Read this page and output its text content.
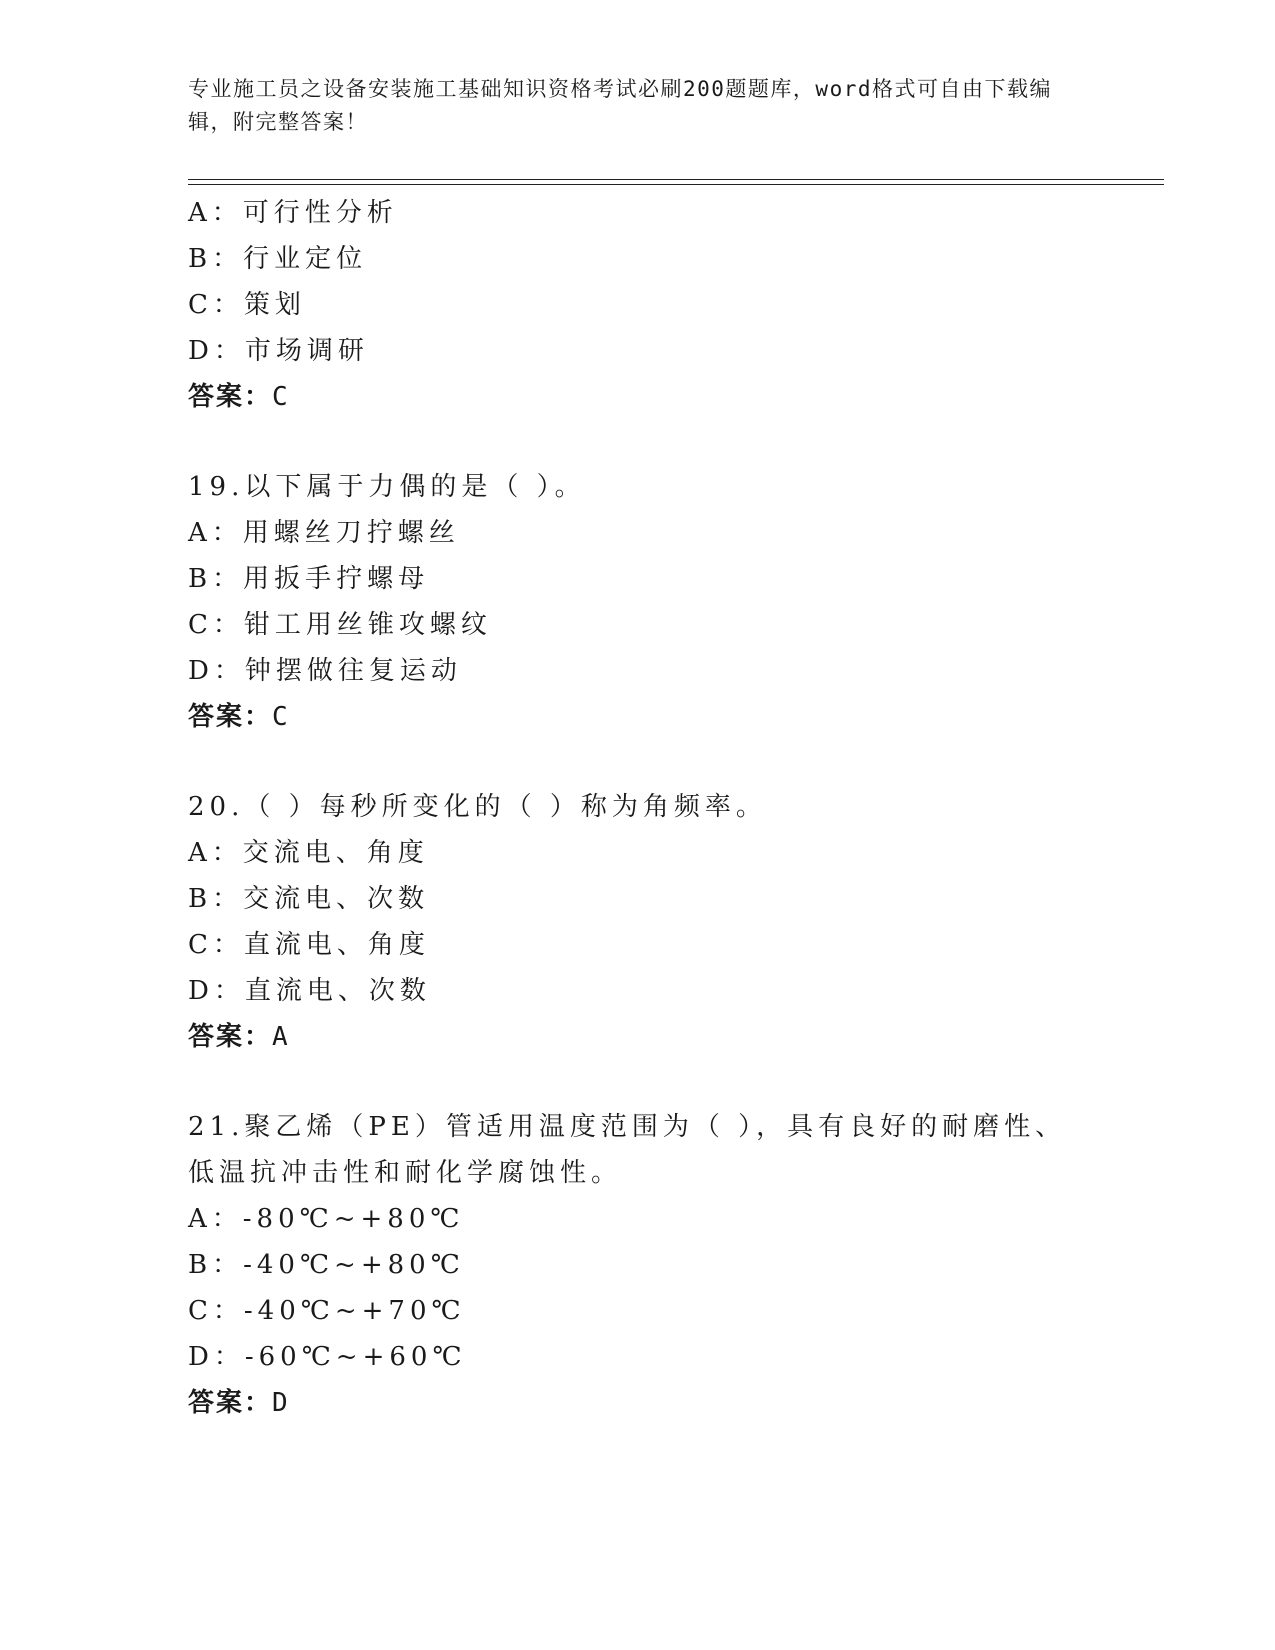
专业施工员之设备安装施工基础知识资格考试必刷200题题库，word格式可自由下载编辑，附完整答案！
A：可行性分析
B：行业定位
C：策划
D：市场调研
答案：C
19.以下属于力偶的是（ ）。
A：用螺丝刀拧螺丝
B：用扳手拧螺母
C：钳工用丝锥攻螺纹
D：钟摆做往复运动
答案：C
20.（ ）每秒所变化的（ ）称为角频率。
A：交流电、角度
B：交流电、次数
C：直流电、角度
D：直流电、次数
答案：A
21.聚乙烯（PE）管适用温度范围为（ ），具有良好的耐磨性、低温抗冲击性和耐化学腐蚀性。
A：-80℃~+80℃
B：-40℃~+80℃
C：-40℃~+70℃
D：-60℃~+60℃
答案：D
